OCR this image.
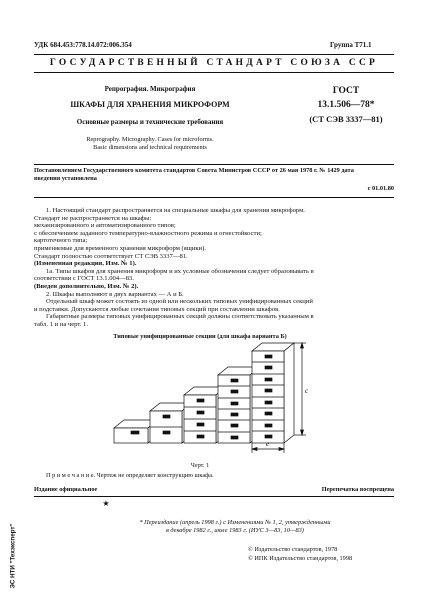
УДК 684.453:778.14.072:006.354	Группа Т71.1
ГОСУДАРСТВЕННЫЙ СТАНДАРТ СОЮЗА ССР
Репрография. Микрография
ШКАФЫ ДЛЯ ХРАНЕНИЯ МИКРОФОРМ
Основные размеры и технические требования
Reprography. Micrography. Cases for microforms.
Basic dimensions and technical requirements
ГОСТ
13.1.506—78*
(СТ СЭВ 3337—81)
Постановлением Государственного комитета стандартов Совета Министров СССР от 26 мая 1978 г. № 1429 дата
введения установлена
с 01.01.80
1. Настоящий стандарт распространяется на специальные шкафы для хранения микроформ.
Стандарт не распространяется на шкафы:
механизированного и автоматизированного типов;
с обеспечением заданного температурно-влажностного режима и огнестойкости;
картотечного типа;
применяемые для временного хранения микроформ (ящики).
Стандарт полностью соответствует СТ СЭВ 3337—81.
(Измененная редакция, Изм. № 1).
1а. Типы шкафов для хранения микроформ и их условные обозначения следует образовывать в
соответствии с ГОСТ 13.1.004—83.
(Введен дополнительно, Изм. № 2).
2. Шкафы выполняют в двух вариантах — А и Б.
Отдельный шкаф может состоять из одной или нескольких типовых унифицированных секций
и подставки. Допускаются любые сочетания типовых секций при составлении шкафов.
Габаритные размеры типовых унифицированных секций должны соответствовать указанным в
табл. 1 и на черт. 1.
Типовые унифицированные секции (для шкафа варианта Б)
с
е
Черт. 1
П р и м е ч а н и е. Чертеж не определяет конструкцию шкафа.
Издание официальное	Перепечатка воспрещена
★
* Переиздание (апрель 1998 г.) с Изменениями № 1, 2, утвержденными
в декабре 1982 г., июле 1983 г. (ИУС 3—83, 10—83)
© Издательство стандартов, 1978
© ИПК Издательство стандартов, 1998
ЭС НТИ "Техэксперт"
